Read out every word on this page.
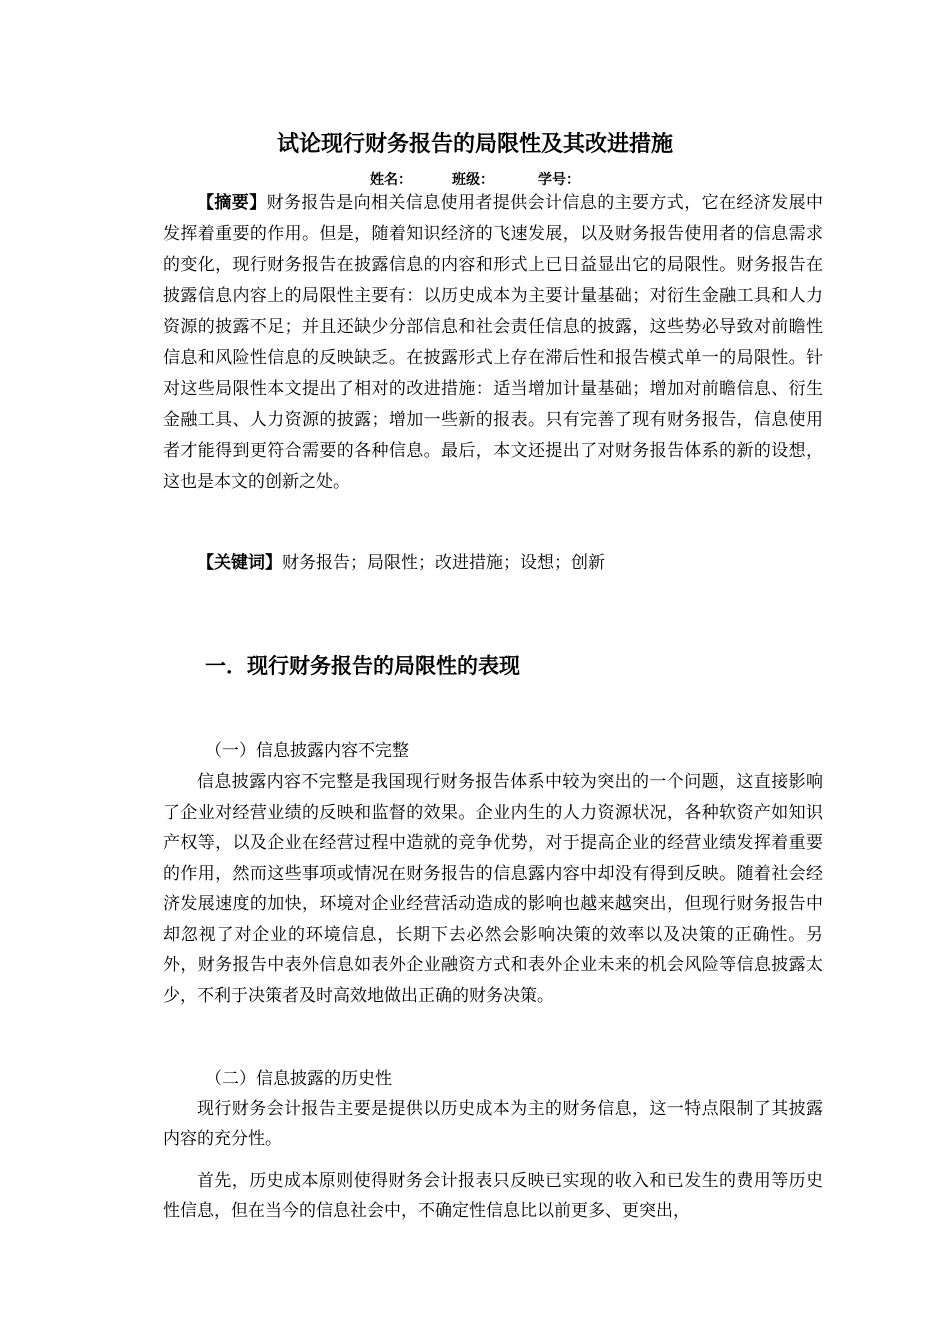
试论现行财务报告的局限性及其改进措施
姓名：	班级：	学号：

【摘要】财务报告是向相关信息使用者提供会计信息的主要方式，它在经济发展中发挥着重要的作用。但是，随着知识经济的飞速发展，以及财务报告使用者的信息需求的变化，现行财务报告在披露信息的内容和形式上已日益显出它的局限性。财务报告在披露信息内容上的局限性主要有：以历史成本为主要计量基础；对衍生金融工具和人力资源的披露不足；并且还缺少分部信息和社会责任信息的披露，这些势必导致对前瞻性信息和风险性信息的反映缺乏。在披露形式上存在滞后性和报告模式单一的局限性。针对这些局限性本文提出了相对的改进措施：适当增加计量基础；增加对前瞻信息、衍生金融工具、人力资源的披露；增加一些新的报表。只有完善了现有财务报告，信息使用者才能得到更符合需要的各种信息。最后，本文还提出了对财务报告体系的新的设想，这也是本文的创新之处。

【关键词】财务报告；局限性；改进措施；设想；创新

一．现行财务报告的局限性的表现
（一）信息披露内容不完整

信息披露内容不完整是我国现行财务报告体系中较为突出的一个问题，这直接影响了企业对经营业绩的反映和监督的效果。企业内生的人力资源状况，各种软资产如知识产权等，以及企业在经营过程中造就的竞争优势，对于提高企业的经营业绩发挥着重要的作用，然而这些事项或情况在财务报告的信息露内容中却没有得到反映。随着社会经济发展速度的加快，环境对企业经营活动造成的影响也越来越突出，但现行财务报告中却忽视了对企业的环境信息，长期下去必然会影响决策的效率以及决策的正确性。另外，财务报告中表外信息如表外企业融资方式和表外企业未来的机会风险等信息披露太少，不利于决策者及时高效地做出正确的财务决策。

（二）信息披露的历史性

现行财务会计报告主要是提供以历史成本为主的财务信息，这一特点限制了其披露内容的充分性。

首先，历史成本原则使得财务会计报表只反映已实现的收入和已发生的费用等历史性信息，但在当今的信息社会中，不确定性信息比以前更多、更突出，
